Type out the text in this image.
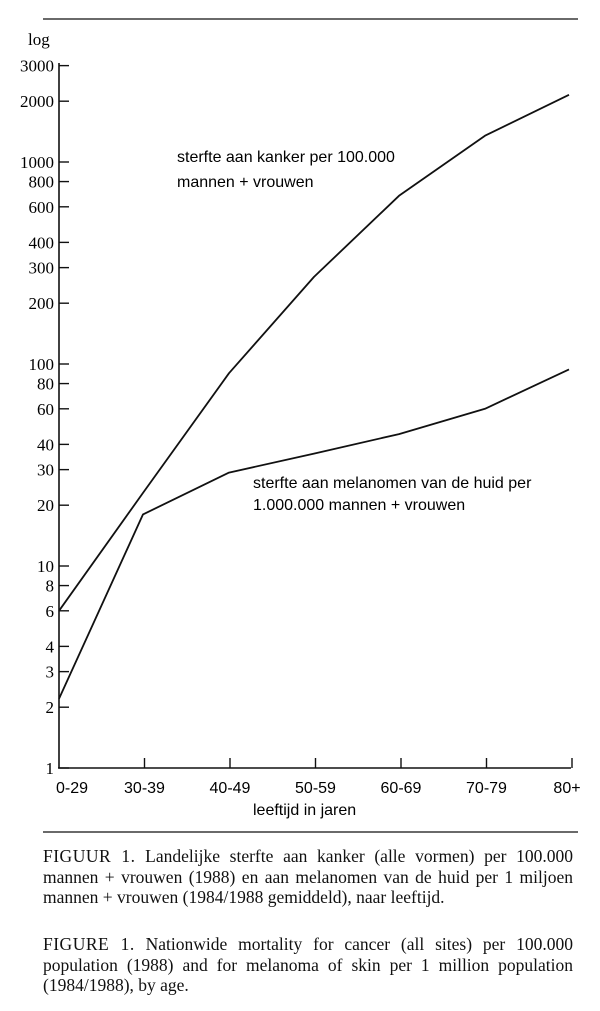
log
1
2
3
4
6
8
10
20
30
40
60
80
100
200
300
400
600
800
1000
2000
3000
0-29 30-39	40-49	50-59	60-69	70-79	80+
leeftijd in jaren
sterfte aan kanker per 100.000
mannen + vrouwen
sterfte aan melanomen van de huid per
1.000.000 mannen + vrouwen
FIGUUR 1. Landelijke sterfte aan kanker (alle vormen) per 100.000 mannen + vrouwen (1988) en aan melanomen van de huid per 1 miljoen mannen + vrouwen (1984/1988 gemiddeld), naar leeftijd.
FIGURE 1. Nationwide mortality for cancer (all sites) per 100.000 population (1988) and for melanoma of skin per 1 million population (1984/1988), by age.
